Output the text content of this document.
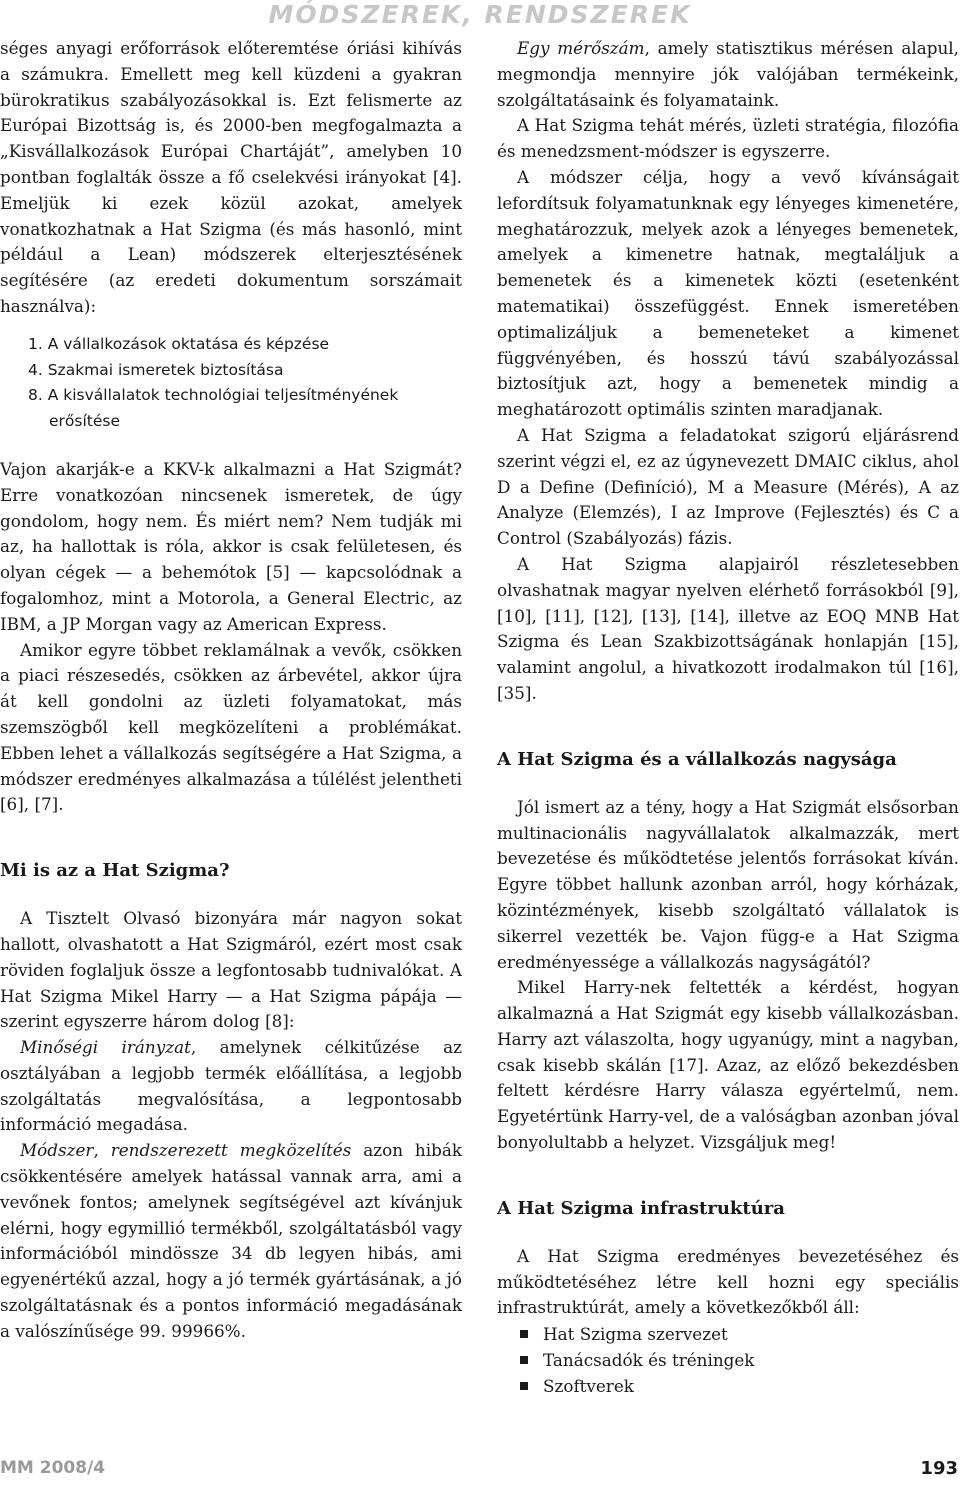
MÓDSZEREK, RENDSZEREK

séges anyagi erőforrások előteremtése óriási kihívás a számukra. Emellett meg kell küzdeni a gyakran bürokratikus szabályozásokkal is. Ezt felismerte az Európai Bizottság is, és 2000-ben megfogalmazta a „Kisvállalkozások Európai Chartáját”, amelyben 10 pontban foglalták össze a fő cselekvési irányokat [4]. Emeljük ki ezek közül azokat, amelyek vonatkozhatnak a Hat Szigma (és más hasonló, mint például a Lean) módszerek elterjesztésének segítésére (az eredeti dokumentum sorszámait használva):

1. A vállalkozások oktatása és képzése
4. Szakmai ismeretek biztosítása
8. A kisvállalatok technológiai teljesítményének erősítése

Vajon akarják-e a KKV-k alkalmazni a Hat Szigmát? Erre vonatkozóan nincsenek ismeretek, de úgy gondolom, hogy nem. És miért nem? Nem tudják mi az, ha hallottak is róla, akkor is csak felületesen, és olyan cégek — a behemótok [5] — kapcsolódnak a fogalomhoz, mint a Motorola, a General Electric, az IBM, a JP Morgan vagy az American Express.

Amikor egyre többet reklamálnak a vevők, csökken a piaci részesedés, csökken az árbevétel, akkor újra át kell gondolni az üzleti folyamatokat, más szemszögből kell megközelíteni a problémákat. Ebben lehet a vállalkozás segítségére a Hat Szigma, a módszer eredményes alkalmazása a túlélést jelentheti [6], [7].

Mi is az a Hat Szigma?

A Tisztelt Olvasó bizonyára már nagyon sokat hallott, olvashatott a Hat Szigmáról, ezért most csak röviden foglaljuk össze a legfontosabb tudnivalókat. A Hat Szigma Mikel Harry — a Hat Szigma pápája — szerint egyszerre három dolog [8]:

Minőségi irányzat, amelynek célkitűzése az osztályában a legjobb termék előállítása, a legjobb szolgáltatás megvalósítása, a legpontosabb információ megadása.

Módszer, rendszerezett megközelítés azon hibák csökkentésére amelyek hatással vannak arra, ami a vevőnek fontos; amelynek segítségével azt kívánjuk elérni, hogy egymillió termékből, szolgáltatásból vagy információból mindössze 34 db legyen hibás, ami egyenértékű azzal, hogy a jó termék gyártásának, a jó szolgáltatásnak és a pontos információ megadásának a valószínűsége 99. 99966%.

Egy mérőszám, amely statisztikus mérésen alapul, megmondja mennyire jók valójában termékeink, szolgáltatásaink és folyamataink.

A Hat Szigma tehát mérés, üzleti stratégia, filozófia és menedzsment-módszer is egyszerre.

A módszer célja, hogy a vevő kívánságait lefordítsuk folyamatunknak egy lényeges kimenetére, meghatározzuk, melyek azok a lényeges bemenetek, amelyek a kimenetre hatnak, megtaláljuk a bemenetek és a kimenetek közti (esetenként matematikai) összefüggést. Ennek ismeretében optimalizáljuk a bemeneteket a kimenet függvényében, és hosszú távú szabályozással biztosítjuk azt, hogy a bemenetek mindig a meghatározott optimális szinten maradjanak.

A Hat Szigma a feladatokat szigorú eljárásrend szerint végzi el, ez az úgynevezett DMAIC ciklus, ahol D a Define (Definíció), M a Measure (Mérés), A az Analyze (Elemzés), I az Improve (Fejlesztés) és C a Control (Szabályozás) fázis.

A Hat Szigma alapjairól részletesebben olvashatnak magyar nyelven elérhető forrásokból [9], [10], [11], [12], [13], [14], illetve az EOQ MNB Hat Szigma és Lean Szakbizottságának honlapján [15], valamint angolul, a hivatkozott irodalmakon túl [16], [35].

A Hat Szigma és a vállalkozás nagysága

Jól ismert az a tény, hogy a Hat Szigmát elsősorban multinacionális nagyvállalatok alkalmazzák, mert bevezetése és működtetése jelentős forrásokat kíván. Egyre többet hallunk azonban arról, hogy kórházak, közintézmények, kisebb szolgáltató vállalatok is sikerrel vezették be. Vajon függ-e a Hat Szigma eredményessége a vállalkozás nagyságától?

Mikel Harry-nek feltették a kérdést, hogyan alkalmazná a Hat Szigmát egy kisebb vállalkozásban. Harry azt válaszolta, hogy ugyanúgy, mint a nagyban, csak kisebb skálán [17]. Azaz, az előző bekezdésben feltett kérdésre Harry válasza egyértelmű, nem. Egyetértünk Harry-vel, de a valóságban azonban jóval bonyolultabb a helyzet. Vizsgáljuk meg!

A Hat Szigma infrastruktúra

A Hat Szigma eredményes bevezetéséhez és működtetéséhez létre kell hozni egy speciális infrastruktúrát, amely a következőkből áll:

Hat Szigma szervezet
Tanácsadók és tréningek
Szoftverek
MM 2008/4	193
